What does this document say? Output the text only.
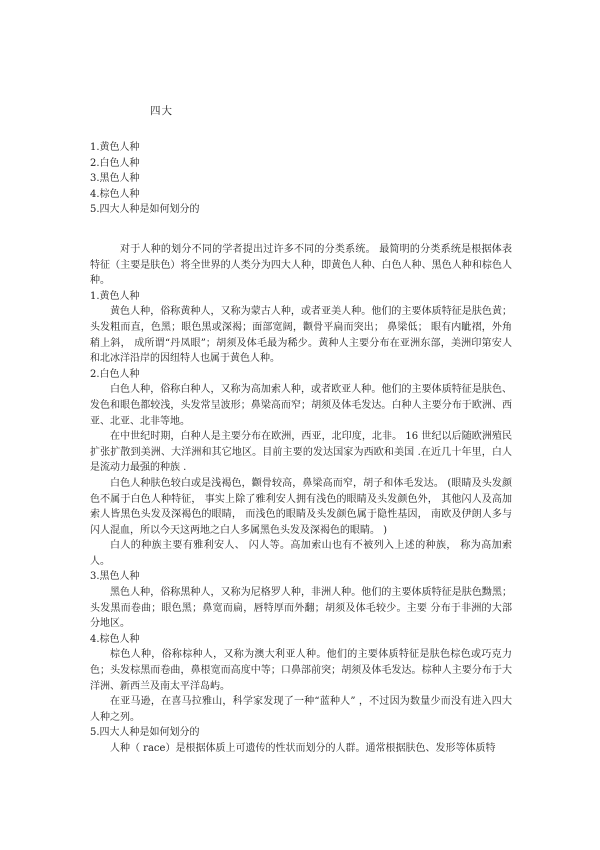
四大
1.黄色人种
2.白色人种
3.黑色人种
4.棕色人种
5.四大人种是如何划分的

对于人种的划分不同的学者提出过许多不同的分类系统。 最简明的分类系统是根据体表特征（主要是肤色）将全世界的人类分为四大人种，即黄色人种、白色人种、黑色人种和棕色人种。

1.黄色人种

黄色人种，俗称黄种人，又称为蒙古人种，或者亚美人种。他们的主要体质特征是肤色黄；头发粗而直，色黑；眼色黑或深褐；面部宽阔，颧骨平扁而突出； 鼻梁低； 眼有内眦褶，外角稍上斜， 成所谓“丹凤眼”；胡须及体毛最为稀少。黄种人主要分布在亚洲东部，美洲印第安人和北冰洋沿岸的因纽特人也属于黄色人种。

2.白色人种

白色人种，俗称白种人，又称为高加索人种，或者欧亚人种。他们的主要体质特征是肤色、发色和眼色都较浅，头发常呈波形；鼻梁高而窄；胡须及体毛发达。白种人主要分布于欧洲、西亚、北亚、北非等地。

在中世纪时期，白种人是主要分布在欧洲，西亚，北印度，北非。 16 世纪以后随欧洲殖民扩张扩散到美洲、大洋洲和其它地区。目前主要的发达国家为西欧和美国 .在近几十年里，白人是流动力最强的种族 .

白色人种肤色较白或是浅褐色，颧骨较高，鼻梁高而窄，胡子和体毛发达。 (眼睛及头发颜色不属于白色人种特征， 事实上除了雅利安人拥有浅色的眼睛及头发颜色外， 其他闪人及高加索人皆黑色头发及深褐色的眼睛， 而浅色的眼睛及头发颜色属于隐性基因， 南欧及伊朗人多与闪人混血，所以今天这两地之白人多属黑色头发及深褐色的眼睛。 )

白人的种族主要有雅利安人、 闪人等。高加索山也有不被列入上述的种族， 称为高加索人。

3.黑色人种

黑色人种，俗称黑种人，又称为尼格罗人种，非洲人种。他们的主要体质特征是肤色黝黑；头发黑而卷曲；眼色黑；鼻宽而扁，唇特厚而外翻；胡须及体毛较少。主要 分布于非洲的大部分地区。

4.棕色人种

棕色人种，俗称棕种人，又称为澳大利亚人种。他们的主要体质特征是肤色棕色或巧克力色；头发棕黑而卷曲，鼻根宽而高度中等；口鼻部前突；胡须及体毛发达。棕种人主要分布于大洋洲、新西兰及南太平洋岛屿。

在亚马逊，在喜马拉雅山，科学家发现了一种“蓝种人” ，不过因为数量少而没有进入四大人种之列。

5.四大人种是如何划分的

人种（ race）是根据体质上可遗传的性状而划分的人群。通常根据肤色、发形等体质特
